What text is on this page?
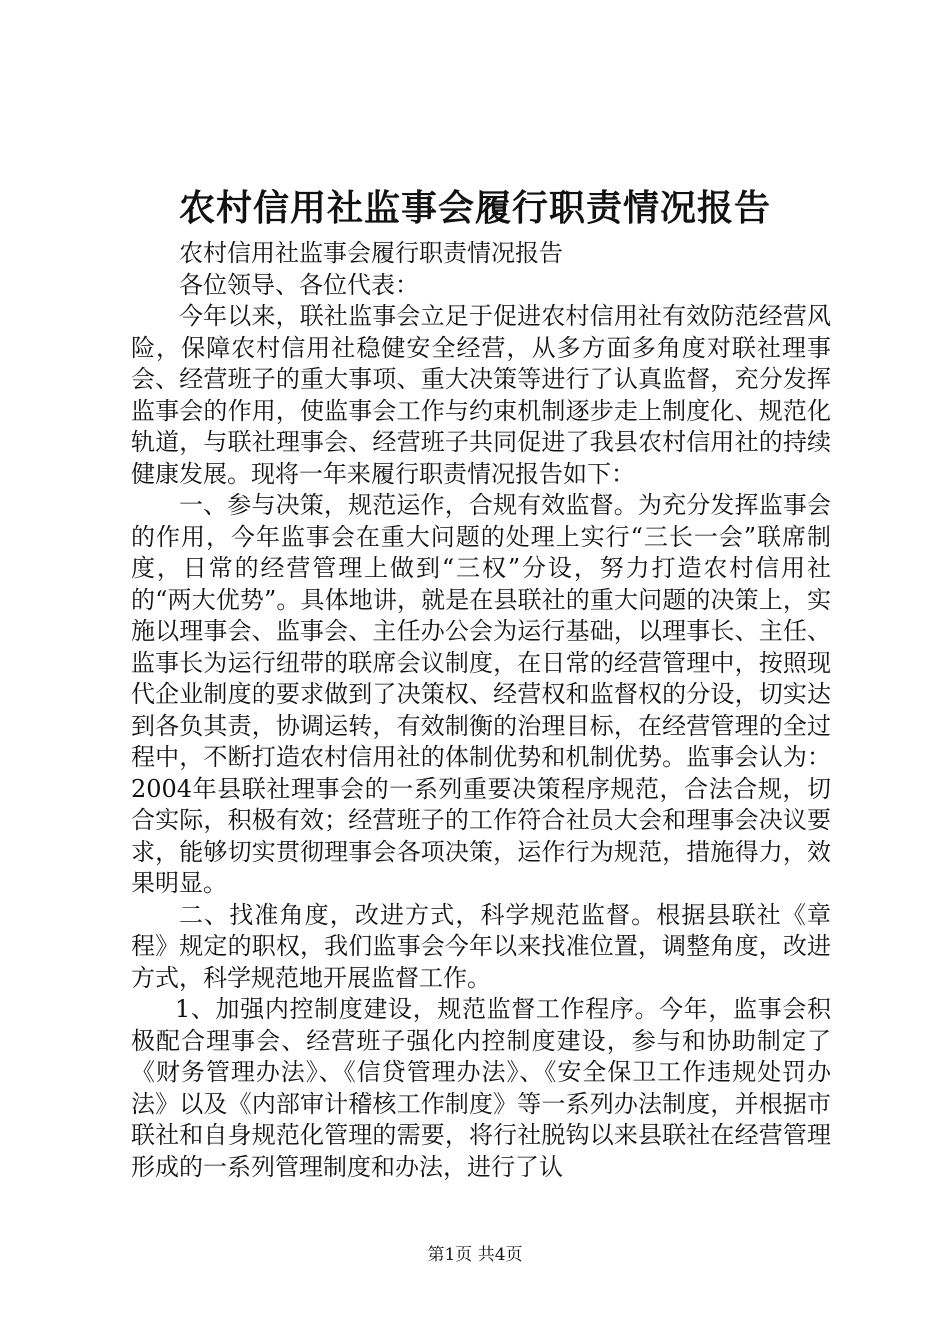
农村信用社监事会履行职责情况报告

农村信用社监事会履行职责情况报告

各位领导、各位代表：

今年以来，联社监事会立足于促进农村信用社有效防范经营风险，保障农村信用社稳健安全经营，从多方面多角度对联社理事会、经营班子的重大事项、重大决策等进行了认真监督，充分发挥监事会的作用，使监事会工作与约束机制逐步走上制度化、规范化轨道，与联社理事会、经营班子共同促进了我县农村信用社的持续健康发展。现将一年来履行职责情况报告如下：

一、参与决策，规范运作，合规有效监督。为充分发挥监事会的作用，今年监事会在重大问题的处理上实行“三长一会”联席制度，日常的经营管理上做到“三权”分设，努力打造农村信用社的“两大优势”。具体地讲，就是在县联社的重大问题的决策上，实施以理事会、监事会、主任办公会为运行基础，以理事长、主任、监事长为运行纽带的联席会议制度，在日常的经营管理中，按照现代企业制度的要求做到了决策权、经营权和监督权的分设，切实达到各负其责，协调运转，有效制衡的治理目标，在经营管理的全过程中，不断打造农村信用社的体制优势和机制优势。监事会认为：2004年县联社理事会的一系列重要决策程序规范，合法合规，切合实际，积极有效；经营班子的工作符合社员大会和理事会决议要求，能够切实贯彻理事会各项决策，运作行为规范，措施得力，效果明显。

二、找准角度，改进方式，科学规范监督。根据县联社《章程》规定的职权，我们监事会今年以来找准位置，调整角度，改进方式，科学规范地开展监督工作。

1、加强内控制度建设，规范监督工作程序。今年，监事会积极配合理事会、经营班子强化内控制度建设，参与和协助制定了《财务管理办法》、《信贷管理办法》、《安全保卫工作违规处罚办法》以及《内部审计稽核工作制度》等一系列办法制度，并根据市联社和自身规范化管理的需要，将行社脱钩以来县联社在经营管理形成的一系列管理制度和办法，进行了认

第1页 共4页
